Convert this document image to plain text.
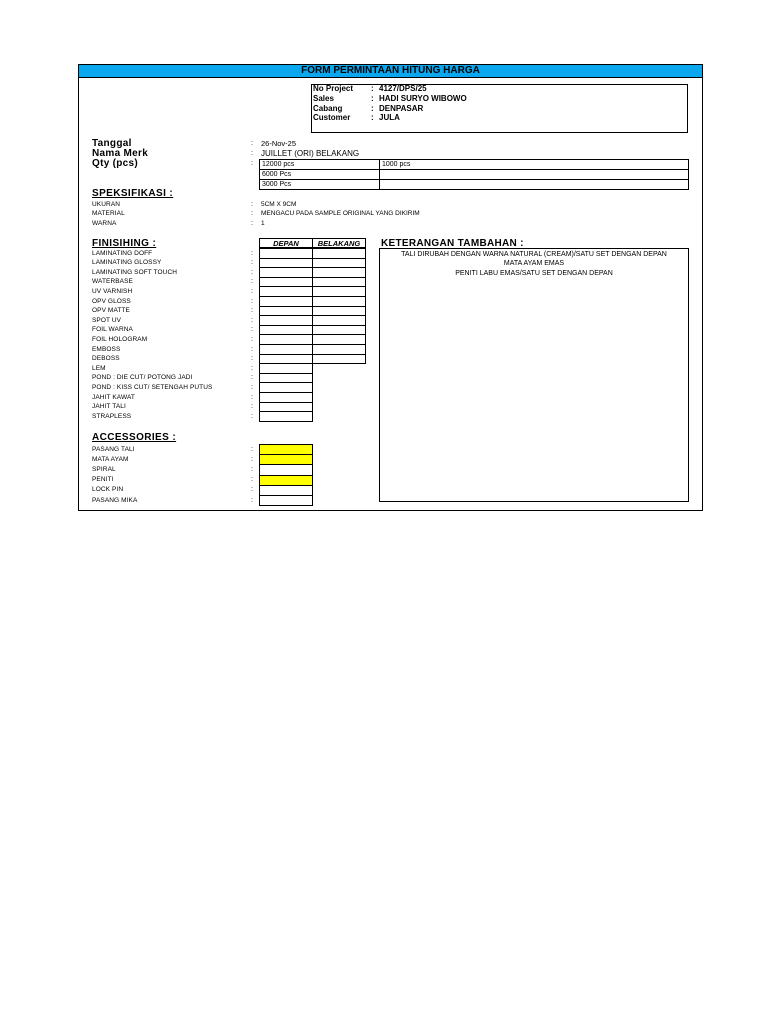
FORM PERMINTAAN HITUNG HARGA
No Project	: 4127/DPS/25
Sales	: HADI SURYO WIBOWO
Cabang	: DENPASAR
Customer	: JULA
Tanggal	: 26-Nov-25
Nama Merk	: JUILLET (ORI) BELAKANG
Qty (pcs)	:	12000 pcs	1000 pcs
6000 Pcs
3000 Pcs
SPEKSIFIKASI :
UKURAN	: 5CM X 9CM
MATERIAL	: MENGACU PADA SAMPLE ORIGINAL YANG DIKIRIM
WARNA	: 1
FINISIHING :	DEPAN	BELAKANG
LAMINATING DOFF	:
LAMINATING GLOSSY	:
LAMINATING SOFT TOUCH	:
WATERBASE	:
UV VARNISH	:
OPV GLOSS	:
OPV MATTE	:
SPOT UV	:
FOIL WARNA	:
FOIL HOLOGRAM	:
EMBOSS	:
DEBOSS	:
LEM	:
POND : DIE CUT/ POTONG JADI	:
POND : KISS CUT/ SETENGAH PUTUS	:
JAHIT KAWAT	:
JAHIT TALI	:
STRAPLESS	:
ACCESSORIES :
PASANG TALI	:
MATA AYAM	:
SPIRAL	:
PENITI	:
LOCK PIN	:
PASANG MIKA	:
KETERANGAN TAMBAHAN :
TALI DIRUBAH DENGAN WARNA NATURAL (CREAM)/SATU SET DENGAN DEPAN
MATA AYAM EMAS
PENITI LABU EMAS/SATU SET DENGAN DEPAN
